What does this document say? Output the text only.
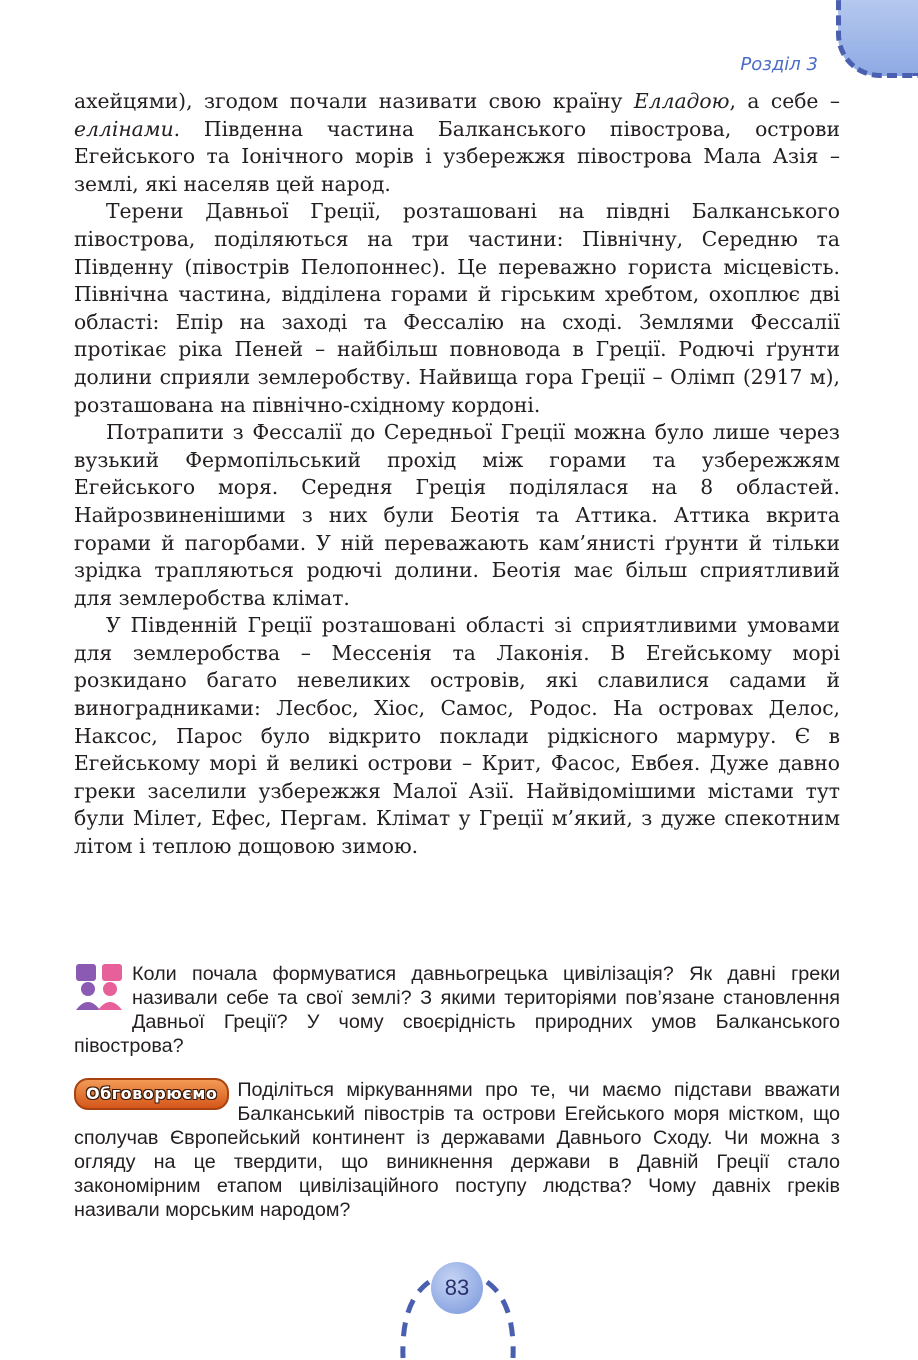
Розділ 3

ахейцями), згодом почали називати свою країну Елладою, а себе – еллінами. Південна частина Балканського півострова, острови Егейського та Іонічного морів і узбережжя півострова Мала Азія – землі, які населяв цей народ.

Терени Давньої Греції, розташовані на півдні Балканського півострова, поділяються на три частини: Північну, Середню та Південну (півострів Пелопоннес). Це переважно гориста місцевість. Північна частина, відділена горами й гірським хребтом, охоплює дві області: Епір на заході та Фессалію на сході. Землями Фессалії протікає ріка Пеней – найбільш повновода в Греції. Родючі ґрунти долини сприяли землеробству. Найвища гора Греції – Олімп (2917 м), розташована на північно-східному кордоні.

Потрапити з Фессалії до Середньої Греції можна було лише через вузький Фермопільський прохід між горами та узбережжям Егейського моря. Середня Греція поділялася на 8 областей. Найрозвиненішими з них були Беотія та Аттика. Аттика вкрита горами й пагорбами. У ній переважають кам’янисті ґрунти й тільки зрідка трапляються родючі долини. Беотія має більш сприятливий для землеробства клімат.

У Південній Греції розташовані області зі сприятливими умовами для землеробства – Мессенія та Лаконія. В Егейському морі розкидано багато невеликих островів, які славилися садами й виноградниками: Лесбос, Хіос, Самос, Родос. На островах Делос, Наксос, Парос було відкрито поклади рідкісного мармуру. Є в Егейському морі й великі острови – Крит, Фасос, Евбея. Дуже давно греки заселили узбережжя Малої Азії. Найвідомішими містами тут були Мілет, Ефес, Пергам. Клімат у Греції м’який, з дуже спекотним літом і теплою дощовою зимою.

Коли почала формуватися давньогрецька цивілізація? Як давні греки називали себе та свої землі? З якими територіями пов’язане становлення Давньої Греції? У чому своєрідність природних умов Балканського півострова?
Обговорюємо	Поділіться міркуваннями про те, чи маємо підстави вважати Балканський півострів та острови Егейського моря містком, що сполучав Європейський континент із державами Давнього Сходу. Чи можна з огляду на це твердити, що виникнення держави в Давній Греції стало закономірним етапом цивілізаційного поступу людства? Чому давніх греків називали морським народом?
83
